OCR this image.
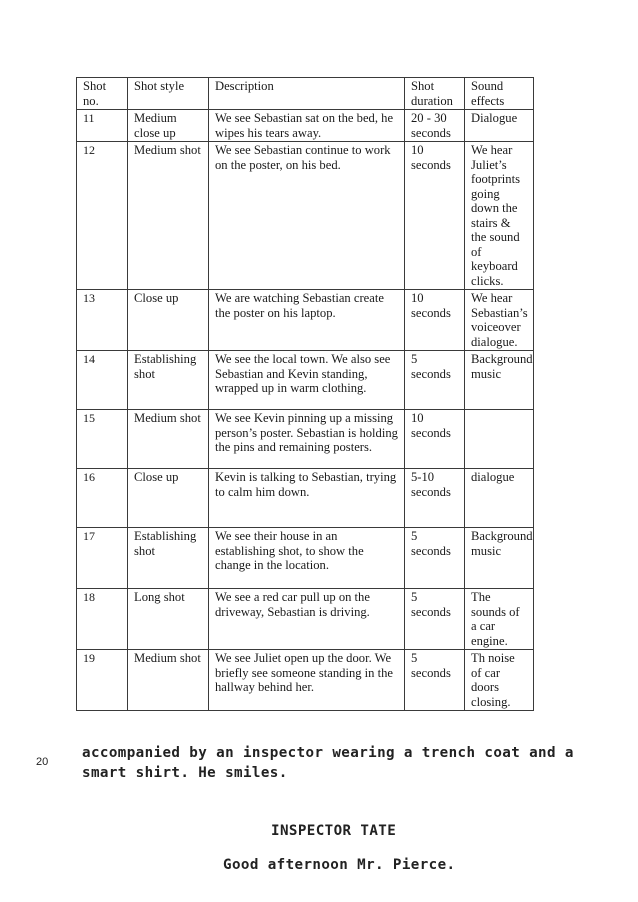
Shot no.	Shot style	Description	Shot duration	Sound effects
11	Medium close up	We see Sebastian sat on the bed, he wipes his tears away.	20 - 30 seconds	Dialogue
12	Medium shot	We see Sebastian continue to work on the poster, on his bed.	10 seconds	We hear Juliet’s footprints going down the stairs & the sound of keyboard clicks.
13	Close up	We are watching Sebastian create the poster on his laptop.	10 seconds	We hear Sebastian’s voiceover dialogue.
14	Establishing shot	We see the local town. We also see Sebastian and Kevin standing, wrapped up in warm clothing.	5 seconds	Background music
15	Medium shot	We see Kevin pinning up a missing person’s poster. Sebastian is holding the pins and remaining posters.	10 seconds	
16	Close up	Kevin is talking to Sebastian, trying to calm him down.	5-10 seconds	dialogue
17	Establishing shot	We see their house in an establishing shot, to show the change in the location.	5 seconds	Background music
18	Long shot	We see a red car pull up on the driveway, Sebastian is driving.	5 seconds	The sounds of a car engine.
19	Medium shot	We see Juliet open up the door. We briefly see someone standing in the hallway behind her.	5 seconds	Th noise of car doors closing.
20
accompanied by an inspector wearing a trench coat and a
smart shirt. He smiles.
INSPECTOR TATE
Good afternoon Mr. Pierce.
